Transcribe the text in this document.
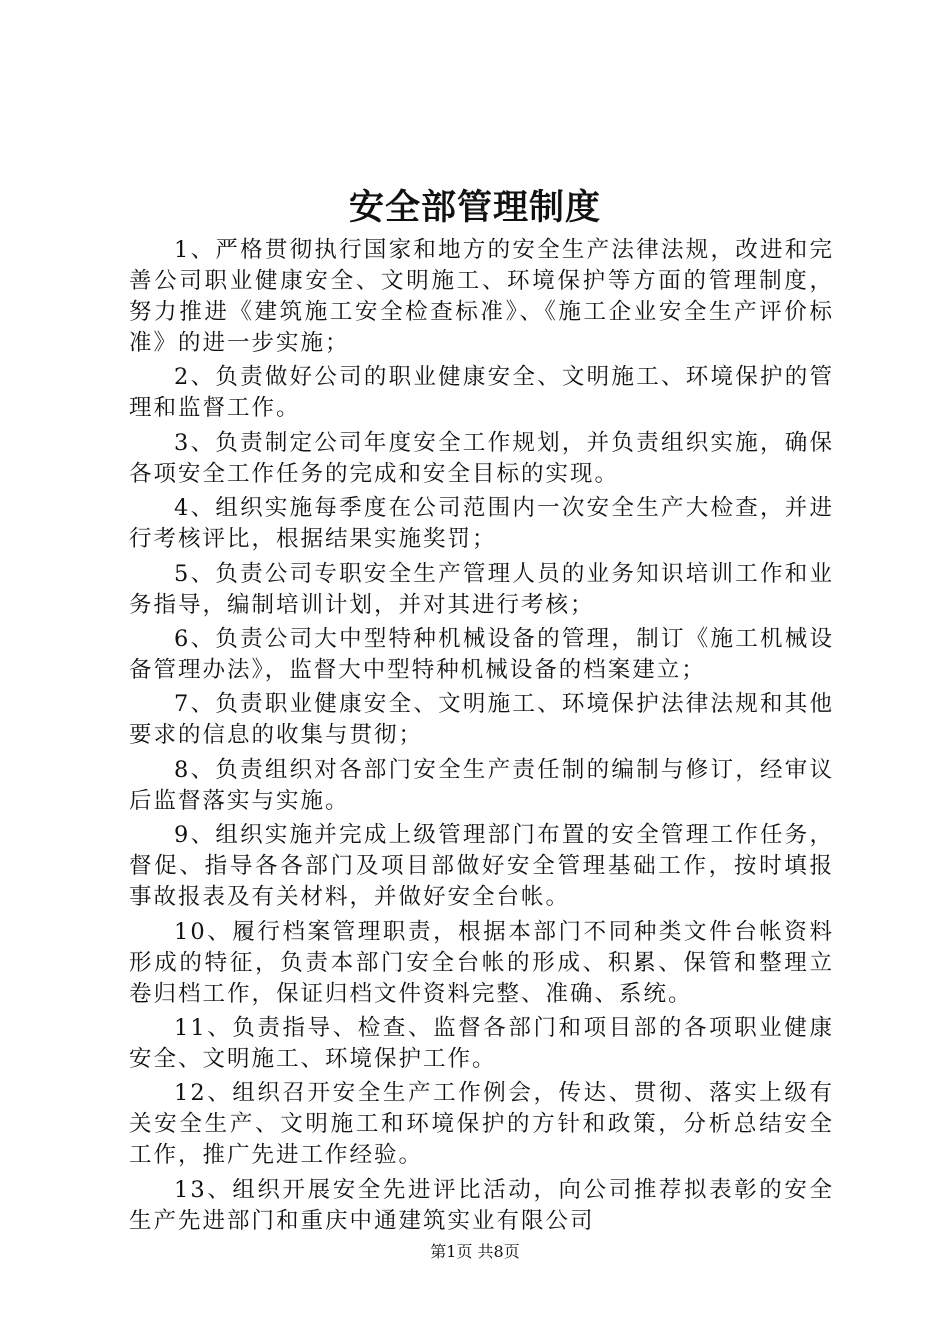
安全部管理制度

1、严格贯彻执行国家和地方的安全生产法律法规，改进和完善公司职业健康安全、文明施工、环境保护等方面的管理制度，努力推进《建筑施工安全检查标准》、《施工企业安全生产评价标准》的进一步实施；

2、负责做好公司的职业健康安全、文明施工、环境保护的管理和监督工作。

3、负责制定公司年度安全工作规划，并负责组织实施，确保各项安全工作任务的完成和安全目标的实现。

4、组织实施每季度在公司范围内一次安全生产大检查，并进行考核评比，根据结果实施奖罚；

5、负责公司专职安全生产管理人员的业务知识培训工作和业务指导，编制培训计划，并对其进行考核；

6、负责公司大中型特种机械设备的管理，制订《施工机械设备管理办法》，监督大中型特种机械设备的档案建立；

7、负责职业健康安全、文明施工、环境保护法律法规和其他要求的信息的收集与贯彻；

8、负责组织对各部门安全生产责任制的编制与修订，经审议后监督落实与实施。

9、组织实施并完成上级管理部门布置的安全管理工作任务，督促、指导各各部门及项目部做好安全管理基础工作，按时填报事故报表及有关材料，并做好安全台帐。

10、履行档案管理职责，根据本部门不同种类文件台帐资料形成的特征，负责本部门安全台帐的形成、积累、保管和整理立卷归档工作，保证归档文件资料完整、准确、系统。

11、负责指导、检查、监督各部门和项目部的各项职业健康安全、文明施工、环境保护工作。

12、组织召开安全生产工作例会，传达、贯彻、落实上级有关安全生产、文明施工和环境保护的方针和政策，分析总结安全工作，推广先进工作经验。

13、组织开展安全先进评比活动，向公司推荐拟表彰的安全生产先进部门和重庆中通建筑实业有限公司

第1页 共8页
